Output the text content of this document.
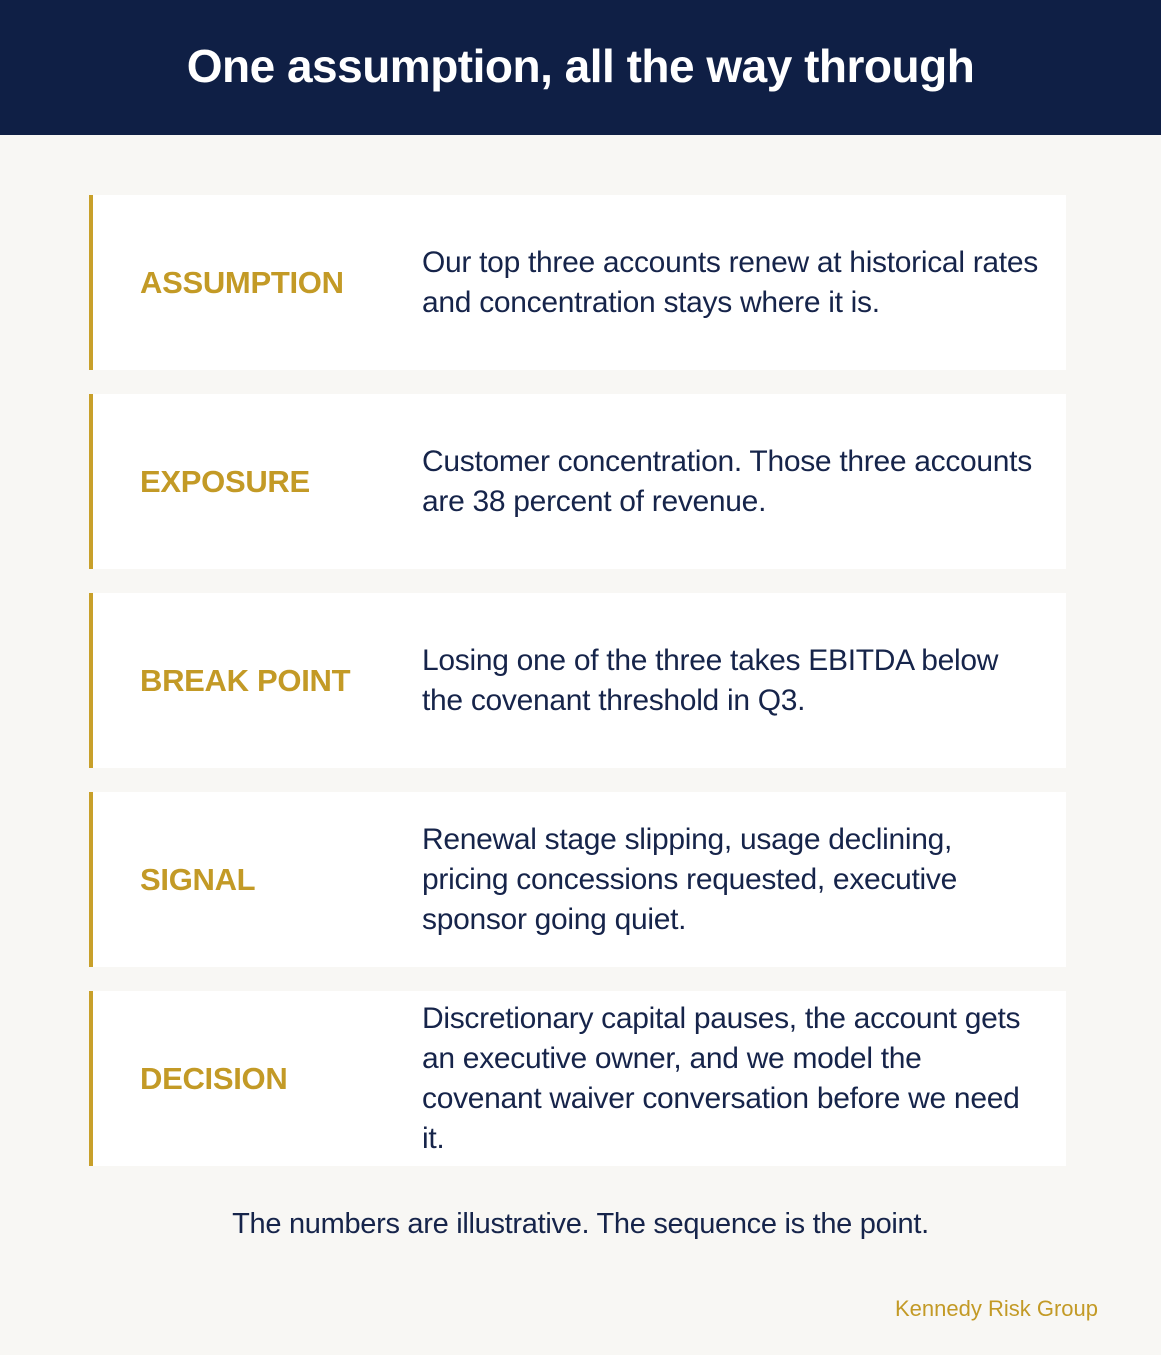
One assumption, all the way through
ASSUMPTION
Our top three accounts renew at historical rates and concentration stays where it is.
EXPOSURE
Customer concentration. Those three accounts are 38 percent of revenue.
BREAK POINT
Losing one of the three takes EBITDA below the covenant threshold in Q3.
SIGNAL
Renewal stage slipping, usage declining, pricing concessions requested, executive sponsor going quiet.
DECISION
Discretionary capital pauses, the account gets an executive owner, and we model the covenant waiver conversation before we need it.
The numbers are illustrative. The sequence is the point.
Kennedy Risk Group
